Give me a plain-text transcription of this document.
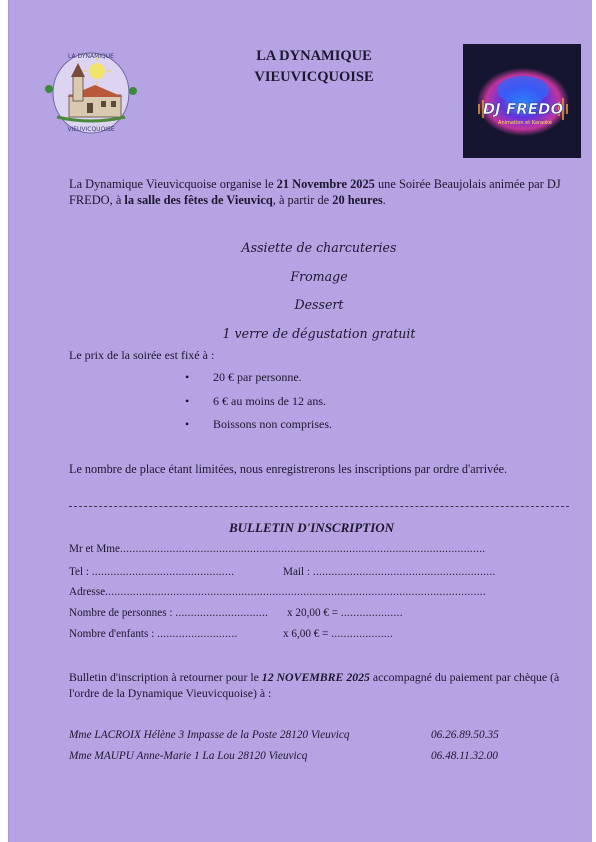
LA DYNAMIQUE
VIEUVICQUOISE
LA DYNAMIQUE
VIEUVICQUOISE
DJ FREDO
Animation et Karaoké
La Dynamique Vieuvicquoise organise le 21 Novembre 2025 une Soirée Beaujolais animée par DJ FREDO, à la salle des fêtes de Vieuvicq, à partir de 20 heures.
Assiette de charcuteries
Fromage
Dessert
1 verre de dégustation gratuit
Le prix de la soirée est fixé à :
• 20 € par personne.
• 6 € au moins de 12 ans.
• Boissons non comprises.
Le nombre de place étant limitées, nous enregistrerons les inscriptions par ordre d'arrivée.
BULLETIN D'INSCRIPTION
Mr et Mme......................................................................................................................
Tel : ..............................................	Mail : ...........................................................
Adresse...........................................................................................................................
Nombre de personnes : .............................. x 20,00 € = ....................
Nombre d'enfants : ..........................	x 6,00 € = ....................
Bulletin d'inscription à retourner pour le 12 NOVEMBRE 2025 accompagné du paiement par chèque (à l'ordre de la Dynamique Vieuvicquoise) à :
Mme LACROIX Hélène 3 Impasse de la Poste 28120 Vieuvicq	06.26.89.50.35
Mme MAUPU Anne-Marie 1 La Lou 28120 Vieuvicq	06.48.11.32.00
